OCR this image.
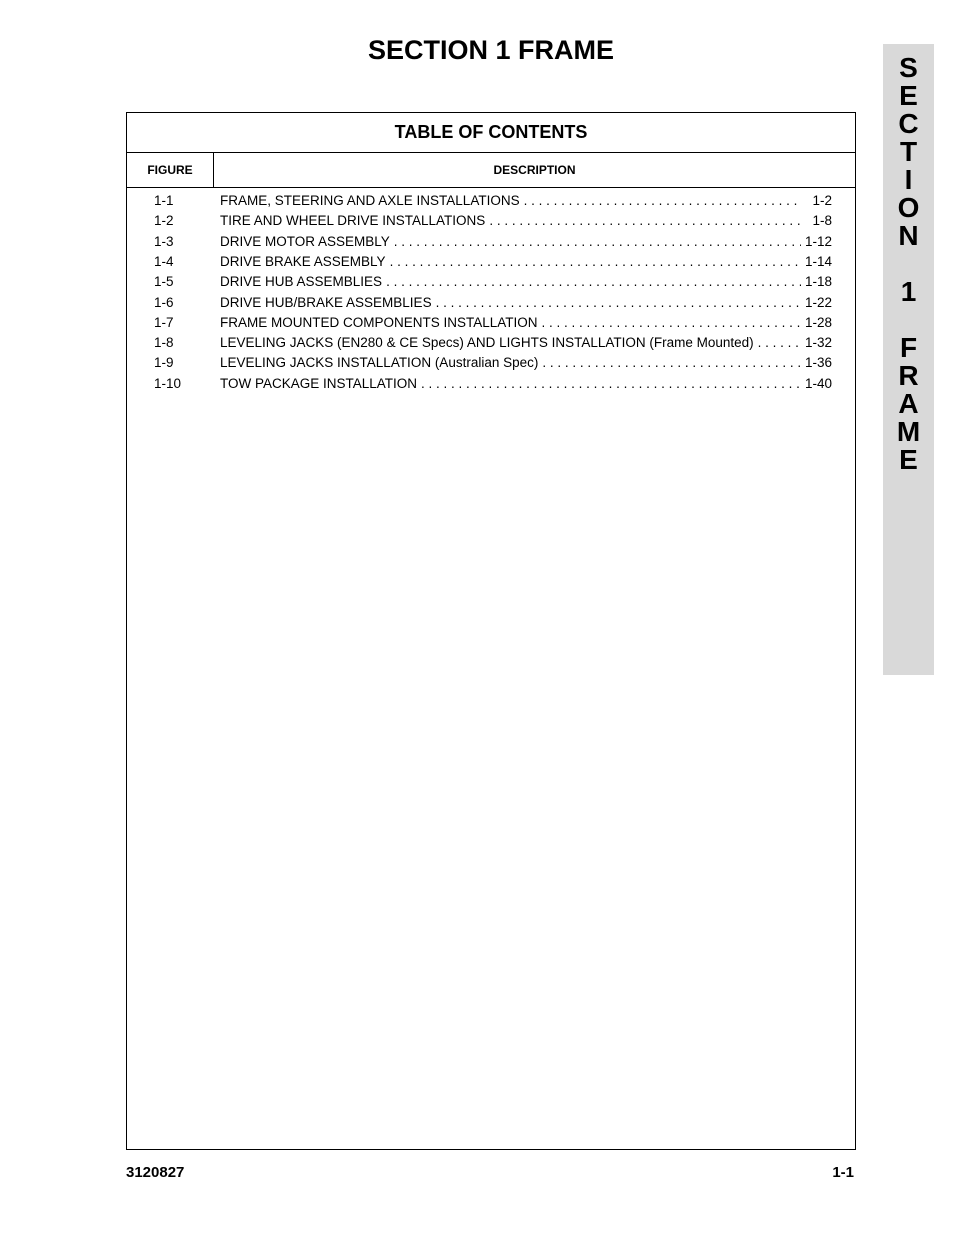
SECTION 1 FRAME
S
E
C
T
I
O
N
1
F
R
A
M
E
TABLE OF CONTENTS
FIGURE	DESCRIPTION
1-1	FRAME, STEERING AND AXLE INSTALLATIONS . . .	1-2
1-2	TIRE AND WHEEL DRIVE INSTALLATIONS . . .	1-8
1-3	DRIVE MOTOR ASSEMBLY . . .	1-12
1-4	DRIVE BRAKE ASSEMBLY . . .	1-14
1-5	DRIVE HUB ASSEMBLIES . . .	1-18
1-6	DRIVE HUB/BRAKE ASSEMBLIES . . .	1-22
1-7	FRAME MOUNTED COMPONENTS INSTALLATION . . .	1-28
1-8	LEVELING JACKS (EN280 & CE Specs) AND LIGHTS INSTALLATION (Frame Mounted) . . .	1-32
1-9	LEVELING JACKS INSTALLATION (Australian Spec) . . .	1-36
1-10	TOW PACKAGE INSTALLATION . . .	1-40
3120827	1-1
